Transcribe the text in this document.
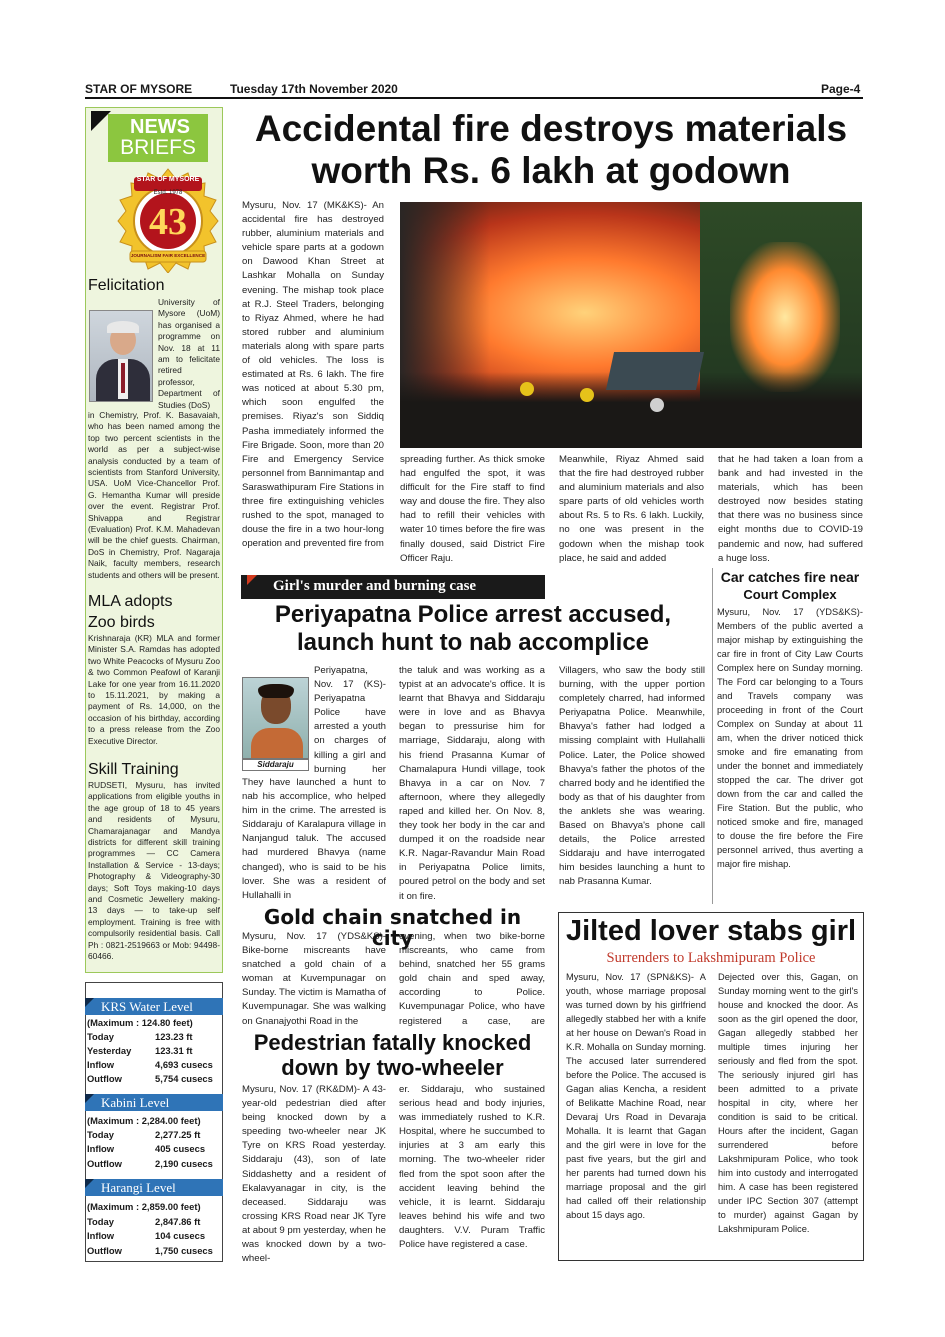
STAR OF MYSORE	Tuesday 17th November 2020	Page-4
NEWS
BRIEFS
STAR OF MYSORE
Estd. 1978
43
JOURNALISM FAIR EXCELLENCE
Felicitation
University of Mysore (UoM) has organised a programme on Nov. 18 at 11 am to felicitate retired professor, Department of Studies (DoS)
in Chemistry, Prof. K. Basavaiah, who has been named among the top two percent scientists in the world as per a subject-wise analysis conducted by a team of scientists from Stanford University, USA. UoM Vice-Chancellor Prof. G. Hemantha Kumar will preside over the event. Registrar Prof. Shivappa and Registrar (Evaluation) Prof. K.M. Mahadevan will be the chief guests. Chairman, DoS in Chemistry, Prof. Nagaraja Naik, faculty members, research students and others will be present.
MLA adopts
Zoo birds
Krishnaraja (KR) MLA and former Minister S.A. Ramdas has adopted two White Peacocks of Mysuru Zoo & two Common Peafowl of Karanji Lake for one year from 16.11.2020 to 15.11.2021, by making a payment of Rs. 14,000, on the occasion of his birthday, according to a press release from the Zoo Executive Director.
Skill Training
RUDSETI, Mysuru, has invited applications from eligible youths in the age group of 18 to 45 years and residents of Mysuru, Chamarajanagar and Mandya districts for different skill training programmes — CC Camera Installation & Service - 13-days; Photography & Videography-30 days; Soft Toys making-10 days and Cosmetic Jewellery making- 13 days — to take-up self employment. Training is free with compulsorily residential basis. Call Ph : 0821-2519663 or Mob: 94498-60466.
KRS Water Level
(Maximum : 124.80 feet)
Today	123.23 ft
Yesterday	123.31 ft
Inflow	4,693 cusecs
Outflow	5,754 cusecs
Kabini Level
(Maximum : 2,284.00 feet)
Today	2,277.25 ft
Inflow	405 cusecs
Outflow	2,190 cusecs
Harangi Level
(Maximum : 2,859.00 feet)
Today	2,847.86 ft
Inflow	104 cusecs
Outflow	1,750 cusecs
Accidental fire destroys materials
worth Rs. 6 lakh at godown
Mysuru, Nov. 17 (MK&KS)- An accidental fire has destroyed rubber, aluminium materials and vehicle spare parts at a godown on Dawood Khan Street at Lashkar Mohalla on Sunday evening. The mishap took place at R.J. Steel Traders, belonging to Riyaz Ahmed, where he had stored rubber and aluminium materials along with spare parts of old vehicles. The loss is estimated at Rs. 6 lakh. The fire was noticed at about 5.30 pm, which soon engulfed the premises. Riyaz's son Siddiq Pasha immediately informed the Fire Brigade. Soon, more than 20 Fire and Emergency Service personnel from Bannimantap and Saraswathipuram Fire Stations in three fire extinguishing vehicles rushed to the spot, managed to douse the fire in a two hour-long operation and prevented fire from
spreading further. As thick smoke had engulfed the spot, it was difficult for the Fire staff to find way and douse the fire. They also had to refill their vehicles with water 10 times before the fire was finally doused, said District Fire Officer Raju.
Meanwhile, Riyaz Ahmed said that the fire had destroyed rubber and aluminium materials and also spare parts of old vehicles worth about Rs. 5 to Rs. 6 lakh. Luckily, no one was present in the godown when the mishap took place, he said and added
that he had taken a loan from a bank and had invested in the materials, which has been destroyed now besides stating that there was no business since eight months due to COVID-19 pandemic and now, had suffered a huge loss.
Car catches fire near
Court Complex
Mysuru, Nov. 17 (YDS&KS)- Members of the public averted a major mishap by extinguishing the car fire in front of City Law Courts Complex here on Sunday morning. The Ford car belonging to a Tours and Travels company was proceeding in front of the Court Complex on Sunday at about 11 am, when the driver noticed thick smoke and fire emanating from under the bonnet and immediately stopped the car. The driver got down from the car and called the Fire Station. But the public, who noticed smoke and fire, managed to douse the fire before the Fire personnel arrived, thus averting a major fire mishap.
Girl's murder and burning case
Periyapatna Police arrest accused,
launch hunt to nab accomplice
Siddaraju
Periyapatna, Nov. 17 (KS)- Periyapatna Police have arrested a youth on charges of killing a girl and burning her
They have launched a hunt to nab his accomplice, who helped him in the crime. The arrested is Siddaraju of Karalapura village in Nanjangud taluk. The accused had murdered Bhavya (name changed), who is said to be his lover. She was a resident of Hullahalli in
the taluk and was working as a typist at an advocate's office. It is learnt that Bhavya and Siddaraju were in love and as Bhavya began to pressurise him for marriage, Siddaraju, along with his friend Prasanna Kumar of Chamalapura Hundi village, took Bhavya in a car on Nov. 7 afternoon, where they allegedly raped and killed her. On Nov. 8, they took her body in the car and dumped it on the roadside near K.R. Nagar-Ravandur Main Road in Periyapatna Police limits, poured petrol on the body and set it on fire.
Villagers, who saw the body still burning, with the upper portion completely charred, had informed Periyapatna Police. Meanwhile, Bhavya's father had lodged a missing complaint with Hullahalli Police. Later, the Police showed Bhavya's father the photos of the charred body and he identified the body as that of his daughter from the anklets she was wearing. Based on Bhavya's phone call details, the Police arrested Siddaraju and have interrogated him besides launching a hunt to nab Prasanna Kumar.
Gold chain snatched in city
Mysuru, Nov. 17 (YDS&KS)- Bike-borne miscreants have snatched a gold chain of a woman at Kuvempunagar on Sunday. The victim is Mamatha of Kuvempunagar. She was walking on Gnanajyothi Road in the
evening, when two bike-borne miscreants, who came from behind, snatched her 55 grams gold chain and sped away, according to Police. Kuvempunagar Police, who have registered a case, are
Pedestrian fatally knocked
down by two-wheeler
Mysuru, Nov. 17 (RK&DM)- A 43-year-old pedestrian died after being knocked down by a speeding two-wheeler near JK Tyre on KRS Road yesterday. Siddaraju (43), son of late Siddashetty and a resident of Ekalavyanagar in city, is the deceased. Siddaraju was crossing KRS Road near JK Tyre at about 9 pm yesterday, when he was knocked down by a two-wheel-
er. Siddaraju, who sustained serious head and body injuries, was immediately rushed to K.R. Hospital, where he succumbed to injuries at 3 am early this morning. The two-wheeler rider fled from the spot soon after the accident leaving behind the vehicle, it is learnt. Siddaraju leaves behind his wife and two daughters. V.V. Puram Traffic Police have registered a case.
Jilted lover stabs girl
Surrenders to Lakshmipuram Police
Mysuru, Nov. 17 (SPN&KS)- A youth, whose marriage proposal was turned down by his girlfriend allegedly stabbed her with a knife at her house on Dewan's Road in K.R. Mohalla on Sunday morning. The accused later surrendered before the Police. The accused is Gagan alias Kencha, a resident of Belikatte Machine Road, near Devaraj Urs Road in Devaraja Mohalla. It is learnt that Gagan and the girl were in love for the past five years, but the girl and her parents had turned down his marriage proposal and the girl had called off their relationship about 15 days ago.
Dejected over this, Gagan, on Sunday morning went to the girl's house and knocked the door. As soon as the girl opened the door, Gagan allegedly stabbed her multiple times injuring her seriously and fled from the spot. The seriously injured girl has been admitted to a private hospital in city, where her condition is said to be critical. Hours after the incident, Gagan surrendered before Lakshmipuram Police, who took him into custody and interrogated him. A case has been registered under IPC Section 307 (attempt to murder) against Gagan by Lakshmipuram Police.
